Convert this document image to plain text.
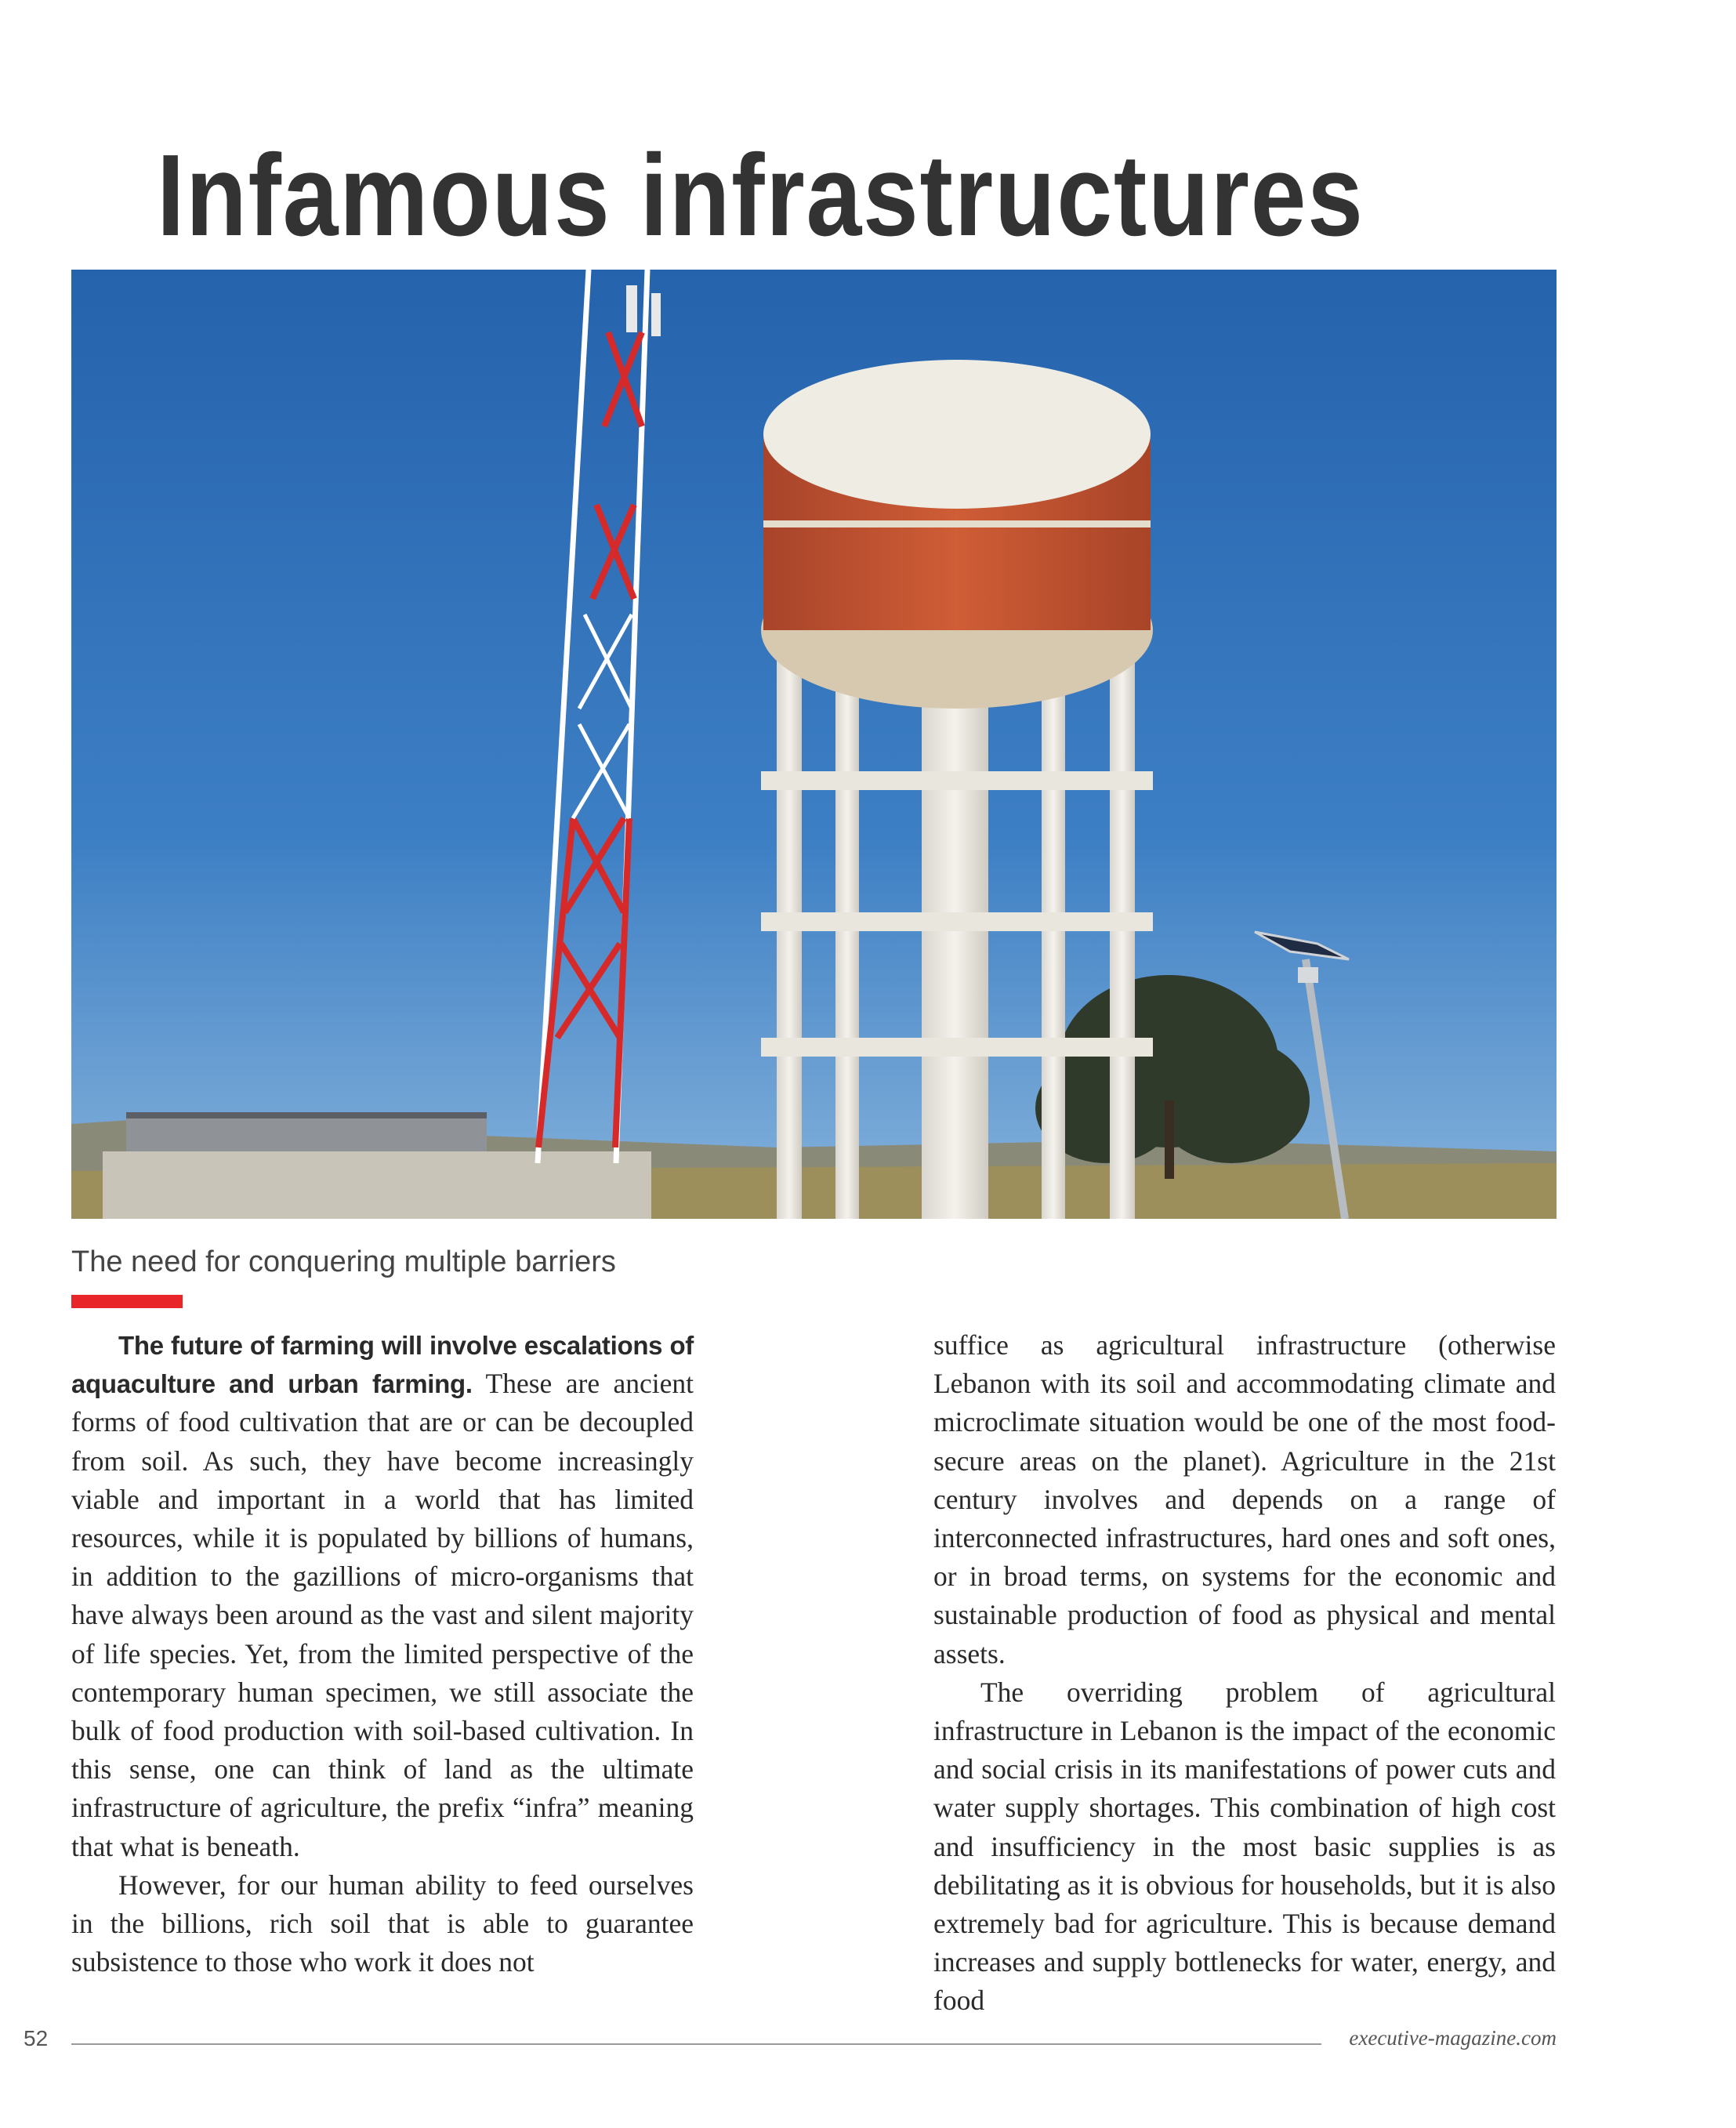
Infamous infrastructures
The need for conquering multiple barriers

The future of farming will involve escalations of aquaculture and urban farming. These are ancient forms of food cultivation that are or can be decoupled from soil. As such, they have become increasingly viable and important in a world that has limited resources, while it is populated by billions of humans, in addition to the gazillions of micro-organisms that have always been around as the vast and silent majority of life species. Yet, from the limited perspective of the contemporary human specimen, we still associate the bulk of food production with soil-based cultivation. In this sense, one can think of land as the ultimate infrastructure of agriculture, the prefix “infra” meaning that what is beneath.

However, for our human ability to feed ourselves in the billions, rich soil that is able to guarantee subsistence to those who work it does not

suffice as agricultural infrastructure (otherwise Lebanon with its soil and accommodating climate and microclimate situation would be one of the most food-secure areas on the planet). Agriculture in the 21st century involves and depends on a range of interconnected infrastructures, hard ones and soft ones, or in broad terms, on systems for the economic and sustainable production of food as physical and mental assets.

The overriding problem of agricultural infrastructure in Lebanon is the impact of the economic and social crisis in its manifestations of power cuts and water supply shortages. This combination of high cost and insufficiency in the most basic supplies is as debilitating as it is obvious for households, but it is also extremely bad for agriculture. This is because demand increases and supply bottlenecks for water, energy, and food

52	executive-magazine.com
